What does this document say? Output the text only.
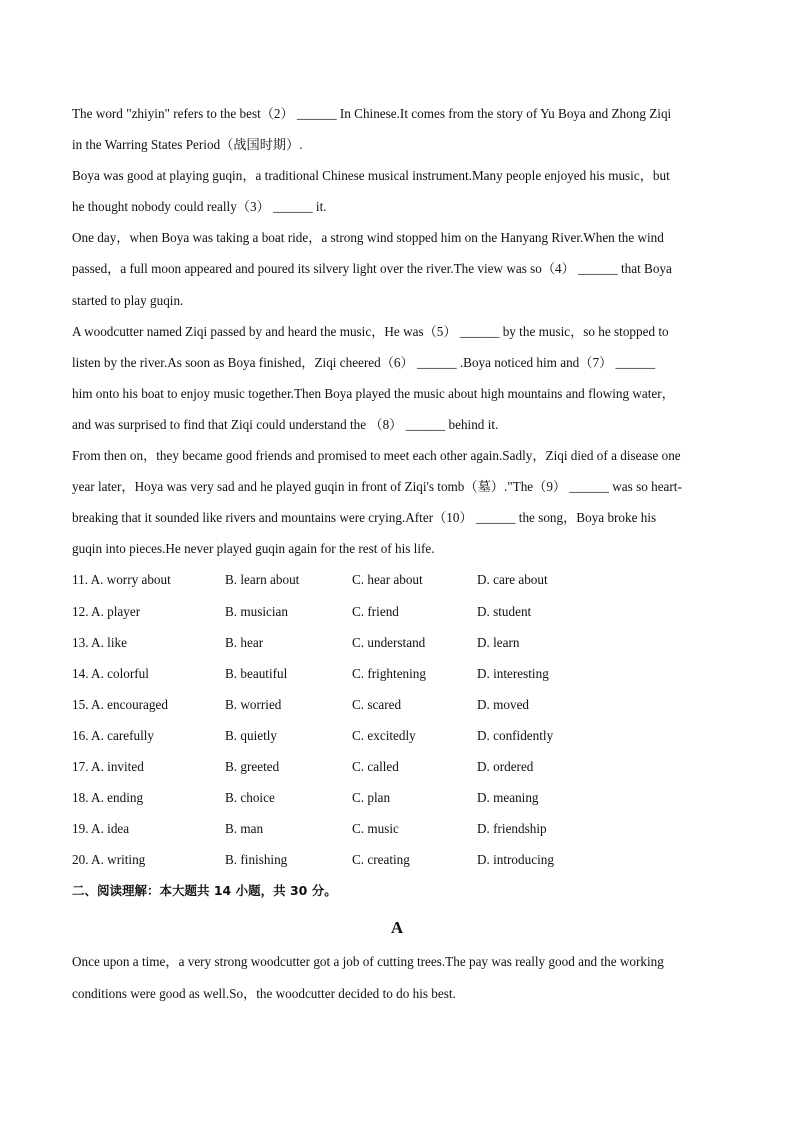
The word "zhiyin" refers to the best（2） ______ In Chinese.It comes from the story of Yu Boya and Zhong Ziqi
in the Warring States Period（战国时期）.
Boya was good at playing guqin，a traditional Chinese musical instrument.Many people enjoyed his music，but
he thought nobody could really（3） ______ it.
One day，when Boya was taking a boat ride，a strong wind stopped him on the Hanyang River.When the wind
passed，a full moon appeared and poured its silvery light over the river.The view was so（4） ______ that Boya
started to play guqin.
A woodcutter named Ziqi passed by and heard the music，He was（5） ______ by the music，so he stopped to
listen by the river.As soon as Boya finished，Ziqi cheered（6） ______ .Boya noticed him and（7） ______
him onto his boat to enjoy music together.Then Boya played the music about high mountains and flowing water，
and was surprised to find that Ziqi could understand the （8） ______ behind it.
From then on，they became good friends and promised to meet each other again.Sadly，Ziqi died of a disease one
year later，Hoya was very sad and he played guqin in front of Ziqi's tomb（墓）."The（9） ______ was so heart-
breaking that it sounded like rivers and mountains were crying.After（10） ______ the song，Boya broke his
guqin into pieces.He never played guqin again for the rest of his life.
11. A. worry about	B. learn about	C. hear about	D. care about
12. A. player	B. musician	C. friend	D. student
13. A. like	B. hear	C. understand	D. learn
14. A. colorful	B. beautiful	C. frightening	D. interesting
15. A. encouraged	B. worried	C. scared	D. moved
16. A. carefully	B. quietly	C. excitedly	D. confidently
17. A. invited	B. greeted	C. called	D. ordered
18. A. ending	B. choice	C. plan	D. meaning
19. A. idea	B. man	C. music	D. friendship
20. A. writing	B. finishing	C. creating	D. introducing
二、阅读理解：本大题共 14 小题，共 30 分。
A
Once upon a time，a very strong woodcutter got a job of cutting trees.The pay was really good and the working
conditions were good as well.So，the woodcutter decided to do his best.
